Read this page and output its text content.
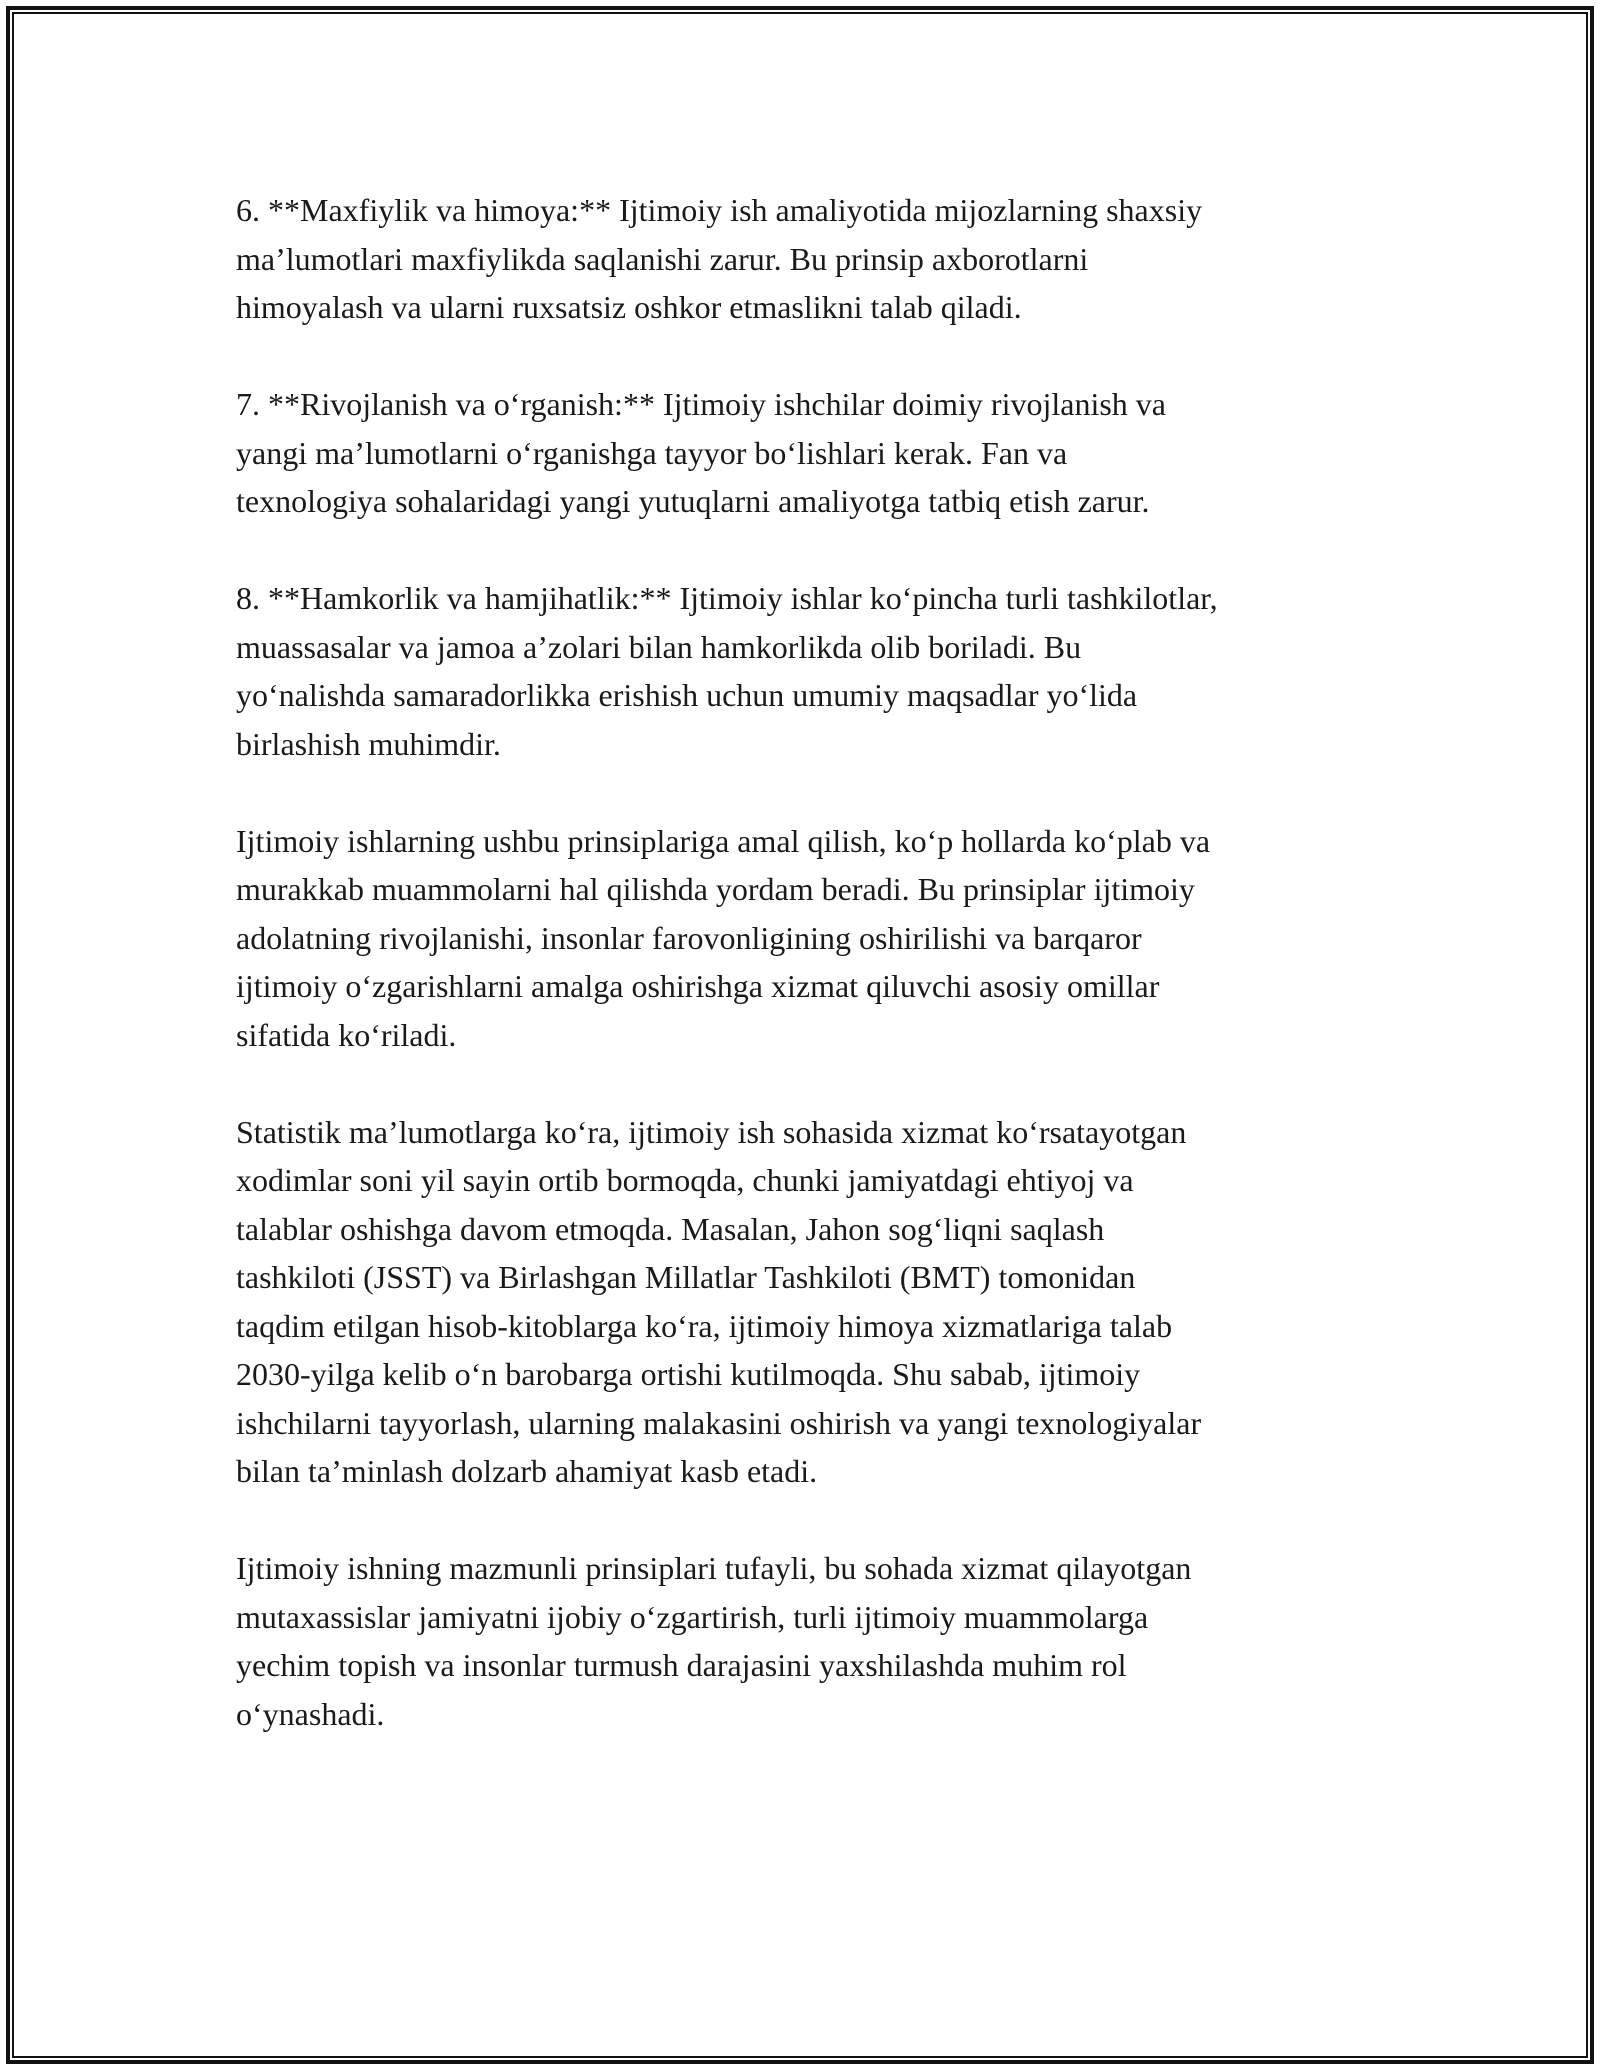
6. **Maxfiylik va himoya:** Ijtimoiy ish amaliyotida mijozlarning shaxsiy
ma’lumotlari maxfiylikda saqlanishi zarur. Bu prinsip axborotlarni
himoyalash va ularni ruxsatsiz oshkor etmaslikni talab qiladi.

7. **Rivojlanish va o‘rganish:** Ijtimoiy ishchilar doimiy rivojlanish va
yangi ma’lumotlarni o‘rganishga tayyor bo‘lishlari kerak. Fan va
texnologiya sohalaridagi yangi yutuqlarni amaliyotga tatbiq etish zarur.

8. **Hamkorlik va hamjihatlik:** Ijtimoiy ishlar ko‘pincha turli tashkilotlar,
muassasalar va jamoa a’zolari bilan hamkorlikda olib boriladi. Bu
yo‘nalishda samaradorlikka erishish uchun umumiy maqsadlar yo‘lida
birlashish muhimdir.

Ijtimoiy ishlarning ushbu prinsiplariga amal qilish, ko‘p hollarda ko‘plab va
murakkab muammolarni hal qilishda yordam beradi. Bu prinsiplar ijtimoiy
adolatning rivojlanishi, insonlar farovonligining oshirilishi va barqaror
ijtimoiy o‘zgarishlarni amalga oshirishga xizmat qiluvchi asosiy omillar
sifatida ko‘riladi.

Statistik ma’lumotlarga ko‘ra, ijtimoiy ish sohasida xizmat ko‘rsatayotgan
xodimlar soni yil sayin ortib bormoqda, chunki jamiyatdagi ehtiyoj va
talablar oshishga davom etmoqda. Masalan, Jahon sog‘liqni saqlash
tashkiloti (JSST) va Birlashgan Millatlar Tashkiloti (BMT) tomonidan
taqdim etilgan hisob-kitoblarga ko‘ra, ijtimoiy himoya xizmatlariga talab
2030-yilga kelib o‘n barobarga ortishi kutilmoqda. Shu sabab, ijtimoiy
ishchilarni tayyorlash, ularning malakasini oshirish va yangi texnologiyalar
bilan ta’minlash dolzarb ahamiyat kasb etadi.

Ijtimoiy ishning mazmunli prinsiplari tufayli, bu sohada xizmat qilayotgan
mutaxassislar jamiyatni ijobiy o‘zgartirish, turli ijtimoiy muammolarga
yechim topish va insonlar turmush darajasini yaxshilashda muhim rol
o‘ynashadi.
